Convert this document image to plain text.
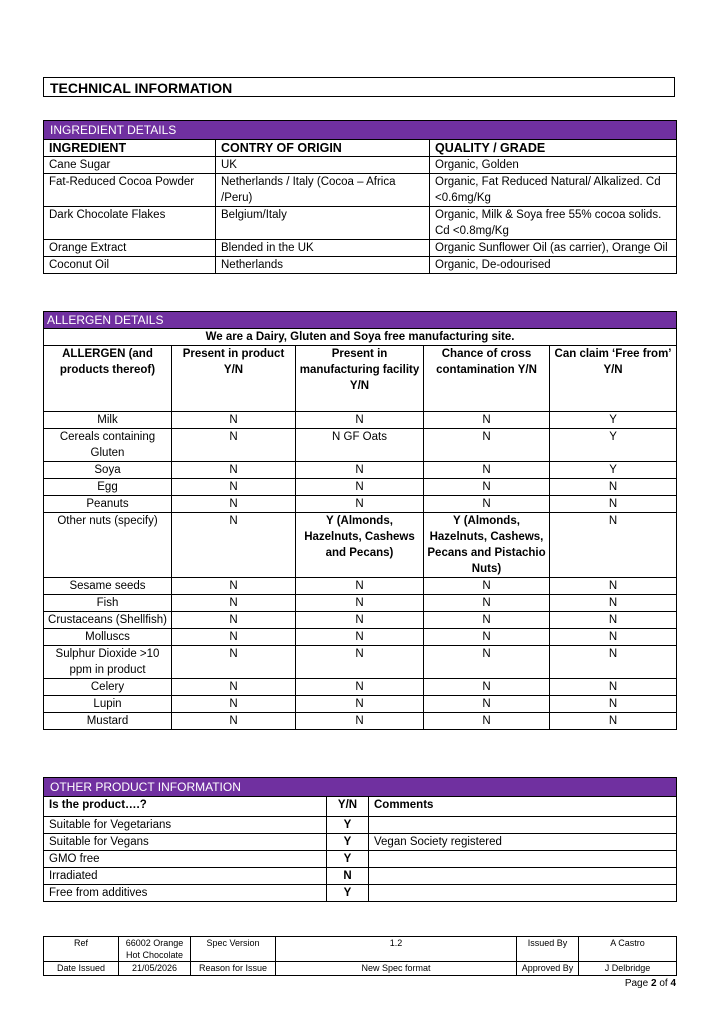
TECHNICAL INFORMATION
INGREDIENT DETAILS		
INGREDIENT	CONTRY OF ORIGIN	QUALITY / GRADE
Cane Sugar	UK	Organic, Golden
Fat-Reduced Cocoa Powder	Netherlands / Italy (Cocoa – Africa /Peru)	Organic, Fat Reduced Natural/ Alkalized. Cd <0.6mg/Kg
Dark Chocolate Flakes	Belgium/Italy	Organic, Milk & Soya free 55% cocoa solids. Cd <0.8mg/Kg
Orange Extract	Blended in the UK	Organic Sunflower Oil (as carrier), Orange Oil
Coconut Oil	Netherlands	Organic, De-odourised
ALLERGEN DETAILS				
We are a Dairy, Gluten and Soya free manufacturing site.				
ALLERGEN (and products thereof)	Present in product Y/N	Present in manufacturing facility Y/N	Chance of cross contamination Y/N	Can claim ‘Free from’ Y/N
Milk	N	N	N	Y
Cereals containing Gluten	N	N GF Oats	N	Y
Soya	N	N	N	Y
Egg	N	N	N	N
Peanuts	N	N	N	N
Other nuts (specify)	N	Y (Almonds, Hazelnuts, Cashews and Pecans)	Y (Almonds, Hazelnuts, Cashews, Pecans and Pistachio Nuts)	N
Sesame seeds	N	N	N	N
Fish	N	N	N	N
Crustaceans (Shellfish)	N	N	N	N
Molluscs	N	N	N	N
Sulphur Dioxide >10 ppm in product	N	N	N	N
Celery	N	N	N	N
Lupin	N	N	N	N
Mustard	N	N	N	N
OTHER PRODUCT INFORMATION		
Is the product….?	Y/N	Comments
Suitable for Vegetarians	Y	
Suitable for Vegans	Y	Vegan Society registered
GMO free	Y	
Irradiated	N	
Free from additives	Y	
Ref	66002 Orange Hot Chocolate	Spec Version	1.2	Issued By	A Castro
Date Issued	21/05/2026	Reason for Issue	New Spec format	Approved By	J Delbridge
Page 2 of 4
